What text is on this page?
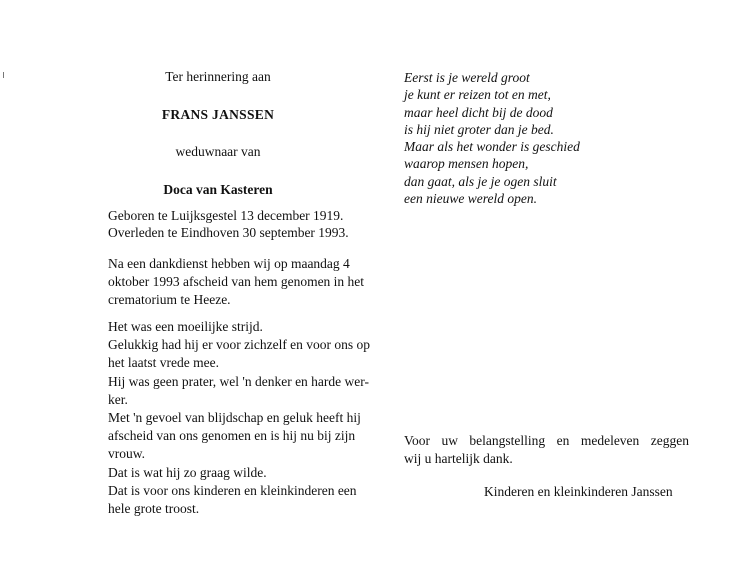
Ter herinnering aan
FRANS JANSSEN
weduwnaar van
Doca van Kasteren
Geboren te Luijksgestel 13 december 1919.
Overleden te Eindhoven 30 september 1993.
Na een dankdienst hebben wij op maandag 4
oktober 1993 afscheid van hem genomen in het
crematorium te Heeze.
Het was een moeilijke strijd.
Gelukkig had hij er voor zichzelf en voor ons op
het laatst vrede mee.
Hij was geen prater, wel 'n denker en harde wer-
ker.
Met 'n gevoel van blijdschap en geluk heeft hij
afscheid van ons genomen en is hij nu bij zijn
vrouw.
Dat is wat hij zo graag wilde.
Dat is voor ons kinderen en kleinkinderen een
hele grote troost.
Eerst is je wereld groot
je kunt er reizen tot en met,
maar heel dicht bij de dood
is hij niet groter dan je bed.
Maar als het wonder is geschied
waarop mensen hopen,
dan gaat, als je je ogen sluit
een nieuwe wereld open.
Voor uw belangstelling en medeleven zeggen
wij u hartelijk dank.
Kinderen en kleinkinderen Janssen
